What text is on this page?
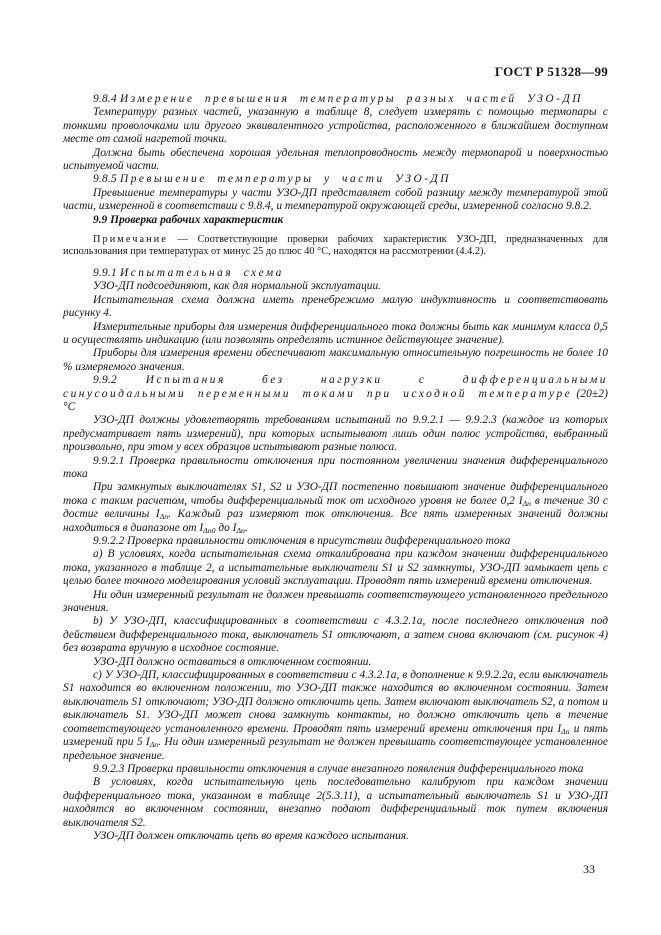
ГОСТ Р 51328—99

9.8.4 Измерение превышения температуры разных частей УЗО-ДП

Температуру разных частей, указанную в таблице 8, следует измерять с помощью термопары с тонкими проволочками или другого эквивалентного устройства, расположенного в ближайшем доступном месте от самой нагретой точки.

Должна быть обеспечена хорошая удельная теплопроводность между термопарой и поверхностью испытуемой части.

9.8.5 Превышение температуры у части УЗО-ДП

Превышение температуры у части УЗО-ДП представляет собой разницу между температурой этой части, измеренной в соответствии с 9.8.4, и температурой окружающей среды, измеренной согласно 9.8.2.

9.9 Проверка рабочих характеристик

Примечание — Соответствующие проверки рабочих характеристик УЗО-ДП, предназначенных для использования при температурах от минус 25 до плюс 40 °С, находятся на рассмотрении (4.4.2).

9.9.1 Испытательная схема

УЗО-ДП подсоединяют, как для нормальной эксплуатации.

Испытательная схема должна иметь пренебрежимо малую индуктивность и соответствовать рисунку 4.

Измерительные приборы для измерения дифференциального тока должны быть как минимум класса 0,5 и осуществлять индикацию (или позволять определять истинное действующее значение).

Приборы для измерения времени обеспечивают максимальную относительную погрешность не более 10 % измеряемого значения.

9.9.2 Испытания без нагрузки с дифференциальными синусоидальными переменными токами при исходной температуре (20±2) °С

УЗО-ДП должны удовлетворять требованиям испытаний по 9.9.2.1 — 9.9.2.3 (каждое из которых предусматривает пять измерений), при которых испытывают лишь один полюс устройства, выбранный произвольно, при этом у всех образцов испытывают разные полюса.

9.9.2.1 Проверка правильности отключения при постоянном увеличении значения дифференциального тока

При замкнутых выключателях S1, S2 и УЗО-ДП постепенно повышают значение дифференциального тока с таким расчетом, чтобы дифференциальный ток от исходного уровня не более 0,2 $I_{\Delta n}$ в течение 30 с достиг величины $I_{\Delta n}$. Каждый раз измеряют ток отключения. Все пять измеренных значений должны находиться в диапазоне от $I_{\Delta n0}$ до $I_{\Delta n}$.

9.9.2.2 Проверка правильности отключения в присутствии дифференциального тока

а) В условиях, когда испытательная схема откалибрована при каждом значении дифференциального тока, указанного в таблице 2, а испытательные выключатели S1 и S2 замкнуты, УЗО-ДП замыкает цепь с целью более точного моделирования условий эксплуатации. Проводят пять измерений времени отключения.

Ни один измеренный результат не должен превышать соответствующего установленного предельного значения.

b) У УЗО-ДП, классифицированных в соответствии с 4.3.2.1а, после последнего отключения под действием дифференциального тока, выключатель S1 отключают, а затем снова включают (см. рисунок 4) без возврата вручную в исходное состояние.

УЗО-ДП должно оставаться в отключенном состоянии.

с) У УЗО-ДП, классифицированных в соответствии с 4.3.2.1а, в дополнение к 9.9.2.2а, если выключатель S1 находится во включенном положении, то УЗО-ДП также находится во включенном состоянии. Затем выключатель S1 отключают; УЗО-ДП должно отключить цепь. Затем включают выключатель S2, а потом и выключатель S1. УЗО-ДП может снова замкнуть контакты, но должно отключить цепь в течение соответствующего установленного времени. Проводят пять измерений времени отключения при $I_{\Delta n}$ и пять измерений при 5 $I_{\Delta n}$. Ни один измеренный результат не должен превышать соответствующее установленное предельное значение.

9.9.2.3 Проверка правильности отключения в случае внезапного появления дифференциального тока

В условиях, когда испытательную цепь последовательно калибруют при каждом значении дифференциального тока, указанном в таблице 2(5.3.11), а испытательный выключатель S1 и УЗО-ДП находятся во включенном состоянии, внезапно подают дифференциальный ток путем включения выключателя S2.

УЗО-ДП должен отключать цепь во время каждого испытания.

33
